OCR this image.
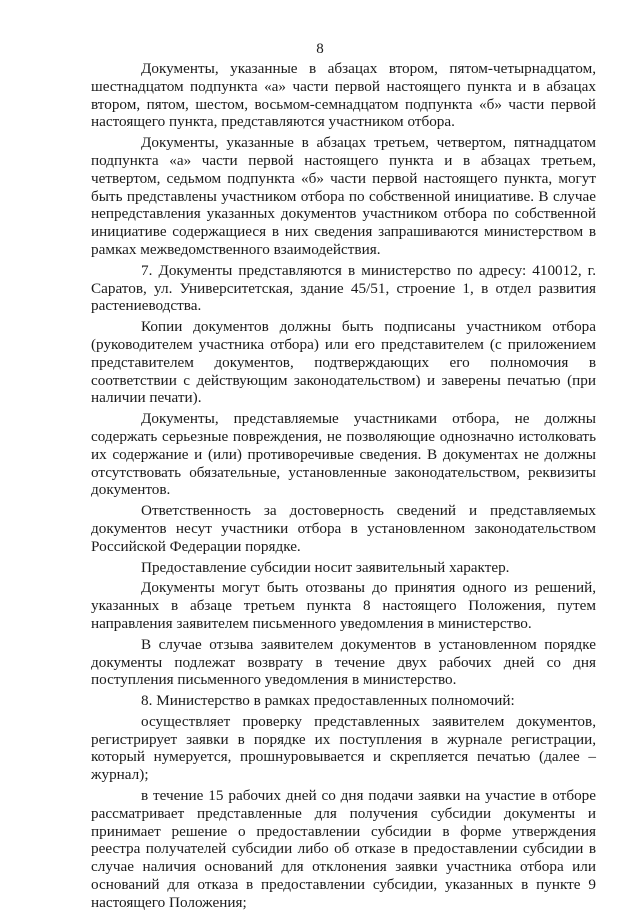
8

Документы, указанные в абзацах втором, пятом-четырнадцатом, шестнадцатом подпункта «а» части первой настоящего пункта и в абзацах втором, пятом, шестом, восьмом-семнадцатом подпункта «б» части первой настоящего пункта, представляются участником отбора.

Документы, указанные в абзацах третьем, четвертом, пятнадцатом подпункта «а» части первой настоящего пункта и в абзацах третьем, четвертом, седьмом подпункта «б» части первой настоящего пункта, могут быть представлены участником отбора по собственной инициативе. В случае непредставления указанных документов участником отбора по собственной инициативе содержащиеся в них сведения запрашиваются министерством в рамках межведомственного взаимодействия.

7. Документы представляются в министерство по адресу: 410012, г. Саратов, ул. Университетская, здание 45/51, строение 1, в отдел развития растениеводства.

Копии документов должны быть подписаны участником отбора (руководителем участника отбора) или его представителем (с приложением представителем документов, подтверждающих его полномочия в соответствии с действующим законодательством) и заверены печатью (при наличии печати).

Документы, представляемые участниками отбора, не должны содержать серьезные повреждения, не позволяющие однозначно истолковать их содержание и (или) противоречивые сведения. В документах не должны отсутствовать обязательные, установленные законодательством, реквизиты документов.

Ответственность за достоверность сведений и представляемых документов несут участники отбора в установленном законодательством Российской Федерации порядке.

Предоставление субсидии носит заявительный характер.

Документы могут быть отозваны до принятия одного из решений, указанных в абзаце третьем пункта 8 настоящего Положения, путем направления заявителем письменного уведомления в министерство.

В случае отзыва заявителем документов в установленном порядке документы подлежат возврату в течение двух рабочих дней со дня поступления письменного уведомления в министерство.

8. Министерство в рамках предоставленных полномочий:

осуществляет проверку представленных заявителем документов, регистрирует заявки в порядке их поступления в журнале регистрации, который нумеруется, прошнуровывается и скрепляется печатью (далее – журнал);

в течение 15 рабочих дней со дня подачи заявки на участие в отборе рассматривает представленные для получения субсидии документы и принимает решение о предоставлении субсидии в форме утверждения реестра получателей субсидии либо об отказе в предоставлении субсидии в случае наличия оснований для отклонения заявки участника отбора или оснований для отказа в предоставлении субсидии, указанных в пункте 9 настоящего Положения;
